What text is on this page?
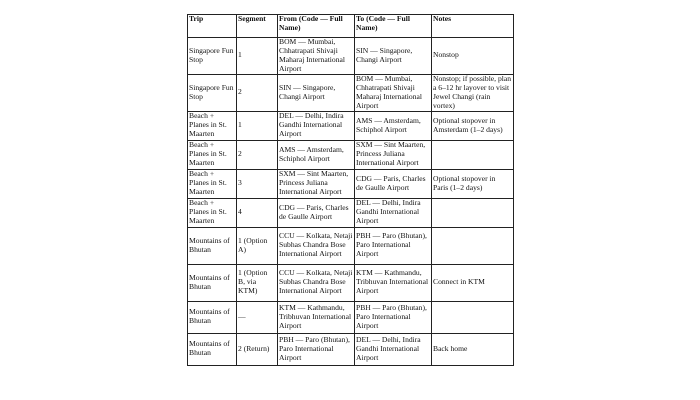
Trip	Segment	From (Code — Full Name)	To (Code — Full Name)	Notes
Singapore Fun Stop	1	BOM — Mumbai, Chhatrapati Shivaji Maharaj International Airport	SIN — Singapore, Changi Airport	Nonstop
Singapore Fun Stop	2	SIN — Singapore, Changi Airport	BOM — Mumbai, Chhatrapati Shivaji Maharaj International Airport	Nonstop; if possible, plan a 6–12 hr layover to visit Jewel Changi (rain vortex)
Beach + Planes in St. Maarten	1	DEL — Delhi, Indira Gandhi International Airport	AMS — Amsterdam, Schiphol Airport	Optional stopover in Amsterdam (1–2 days)
Beach + Planes in St. Maarten	2	AMS — Amsterdam, Schiphol Airport	SXM — Sint Maarten, Princess Juliana International Airport	
Beach + Planes in St. Maarten	3	SXM — Sint Maarten, Princess Juliana International Airport	CDG — Paris, Charles de Gaulle Airport	Optional stopover in Paris (1–2 days)
Beach + Planes in St. Maarten	4	CDG — Paris, Charles de Gaulle Airport	DEL — Delhi, Indira Gandhi International Airport	
Mountains of Bhutan	1 (Option A)	CCU — Kolkata, Netaji Subhas Chandra Bose International Airport	PBH — Paro (Bhutan), Paro International Airport	
Mountains of Bhutan	1 (Option B, via KTM)	CCU — Kolkata, Netaji Subhas Chandra Bose International Airport	KTM — Kathmandu, Tribhuvan International Airport	Connect in KTM
Mountains of Bhutan	—	KTM — Kathmandu, Tribhuvan International Airport	PBH — Paro (Bhutan), Paro International Airport	
Mountains of Bhutan	2 (Return)	PBH — Paro (Bhutan), Paro International Airport	DEL — Delhi, Indira Gandhi International Airport	Back home
